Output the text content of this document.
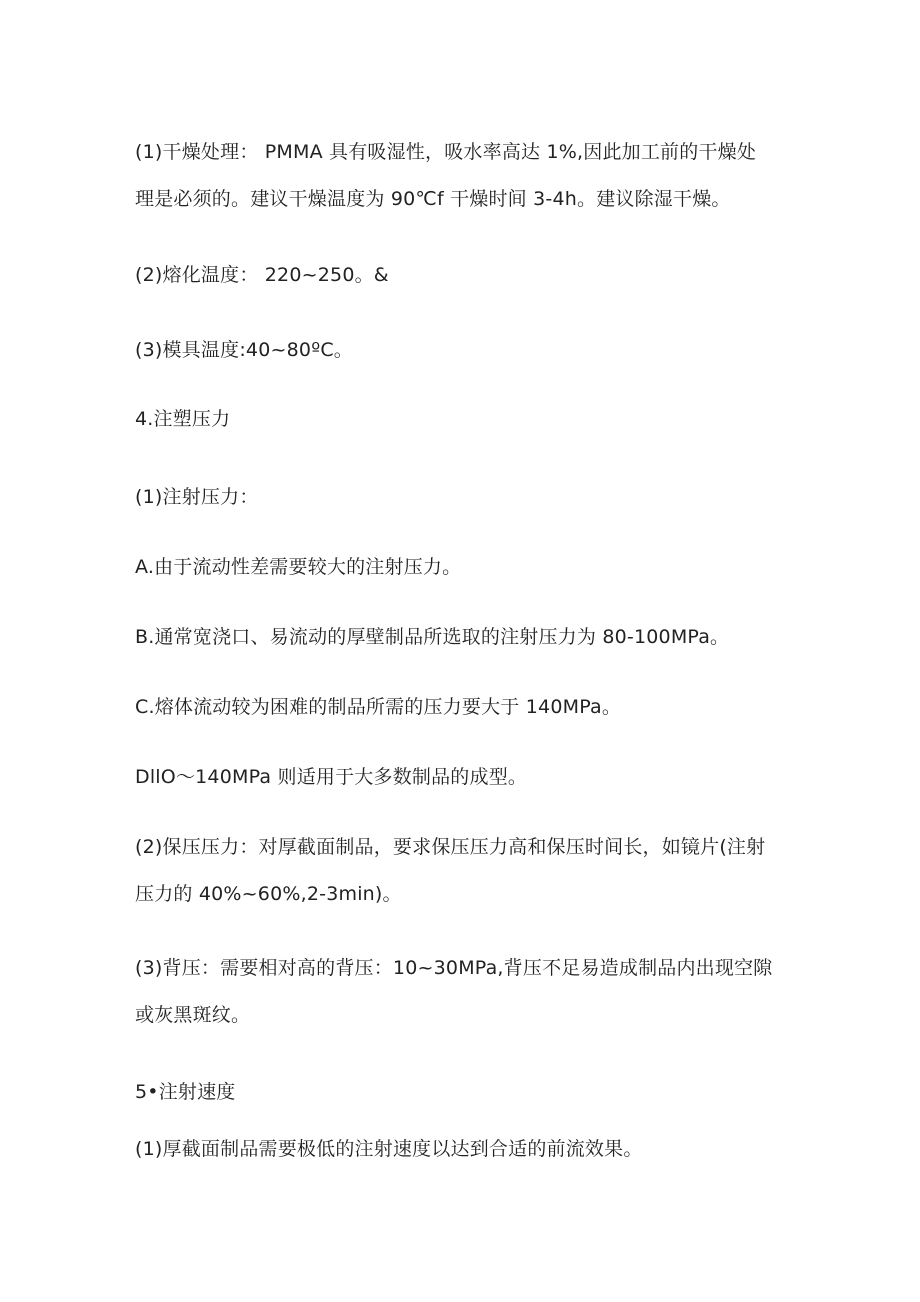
(1)干燥处理： PMMA 具有吸湿性，吸水率高达 1%,因此加工前的干燥处
理是必须的。建议干燥温度为 90℃f 干燥时间 3-4h。建议除湿干燥。
(2)熔化温度： 220~250。&
(3)模具温度:40~80ºC。
4.注塑压力
(1)注射压力：
A.由于流动性差需要较大的注射压力。
B.通常宽浇口、易流动的厚壁制品所选取的注射压力为 80-100MPa。
C.熔体流动较为困难的制品所需的压力要大于 140MPa。
DllO～140MPa 则适用于大多数制品的成型。
(2)保压压力：对厚截面制品，要求保压压力高和保压时间长，如镜片(注射
压力的 40%~60%,2-3min)。
(3)背压：需要相对高的背压：10~30MPa,背压不足易造成制品内出现空隙
或灰黑斑纹。
5•注射速度
(1)厚截面制品需要极低的注射速度以达到合适的前流效果。
